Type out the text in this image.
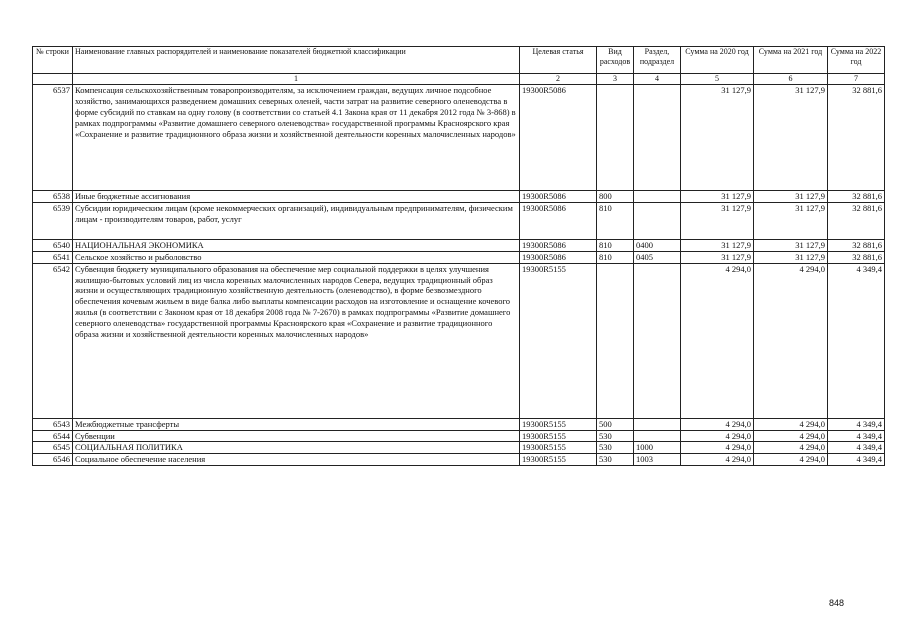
№ строки	Наименование главных распорядителей и наименование показателей бюджетной классификации	Целевая статья	Вид расходов	Раздел, подраздел	Сумма на 2020 год	Сумма на 2021 год	Сумма на 2022 год
	1	2	3	4	5	6	7
6537	Компенсация сельскохозяйственным товаропроизводителям, за исключением граждан, ведущих личное подсобное хозяйство, занимающихся разведением домашних северных оленей, части затрат на развитие северного оленеводства в форме субсидий по ставкам на одну голову (в соответствии со статьей 4.1 Закона края от 11 декабря 2012 года № 3-868) в рамках подпрограммы «Развитие домашнего северного оленеводства» государственной программы Красноярского края «Сохранение и развитие традиционного образа жизни и хозяйственной деятельности коренных малочисленных народов»	19300R5086			31 127,9	31 127,9	32 881,6
6538	Иные бюджетные ассигнования	19300R5086	800		31 127,9	31 127,9	32 881,6
6539	Субсидии юридическим лицам (кроме некоммерческих организаций), индивидуальным предпринимателям, физическим лицам - производителям товаров, работ, услуг	19300R5086	810		31 127,9	31 127,9	32 881,6
6540	НАЦИОНАЛЬНАЯ ЭКОНОМИКА	19300R5086	810	0400	31 127,9	31 127,9	32 881,6
6541	Сельское хозяйство и рыболовство	19300R5086	810	0405	31 127,9	31 127,9	32 881,6
6542	Субвенция бюджету муниципального образования на обеспечение мер социальной поддержки в целях улучшения жилищно-бытовых условий лиц из числа коренных малочисленных народов Севера, ведущих традиционный образ жизни и осуществляющих традиционную хозяйственную деятельность (оленеводство), в форме безвозмездного обеспечения кочевым жильем в виде балка либо выплаты компенсации расходов на изготовление и оснащение кочевого жилья (в соответствии с Законом края от 18 декабря 2008 года № 7-2670) в рамках подпрограммы «Развитие домашнего северного оленеводства» государственной программы Красноярского края «Сохранение и развитие традиционного образа жизни и хозяйственной деятельности коренных малочисленных народов»	19300R5155			4 294,0	4 294,0	4 349,4
6543	Межбюджетные трансферты	19300R5155	500		4 294,0	4 294,0	4 349,4
6544	Субвенции	19300R5155	530		4 294,0	4 294,0	4 349,4
6545	СОЦИАЛЬНАЯ ПОЛИТИКА	19300R5155	530	1000	4 294,0	4 294,0	4 349,4
6546	Социальное обеспечение населения	19300R5155	530	1003	4 294,0	4 294,0	4 349,4
848
